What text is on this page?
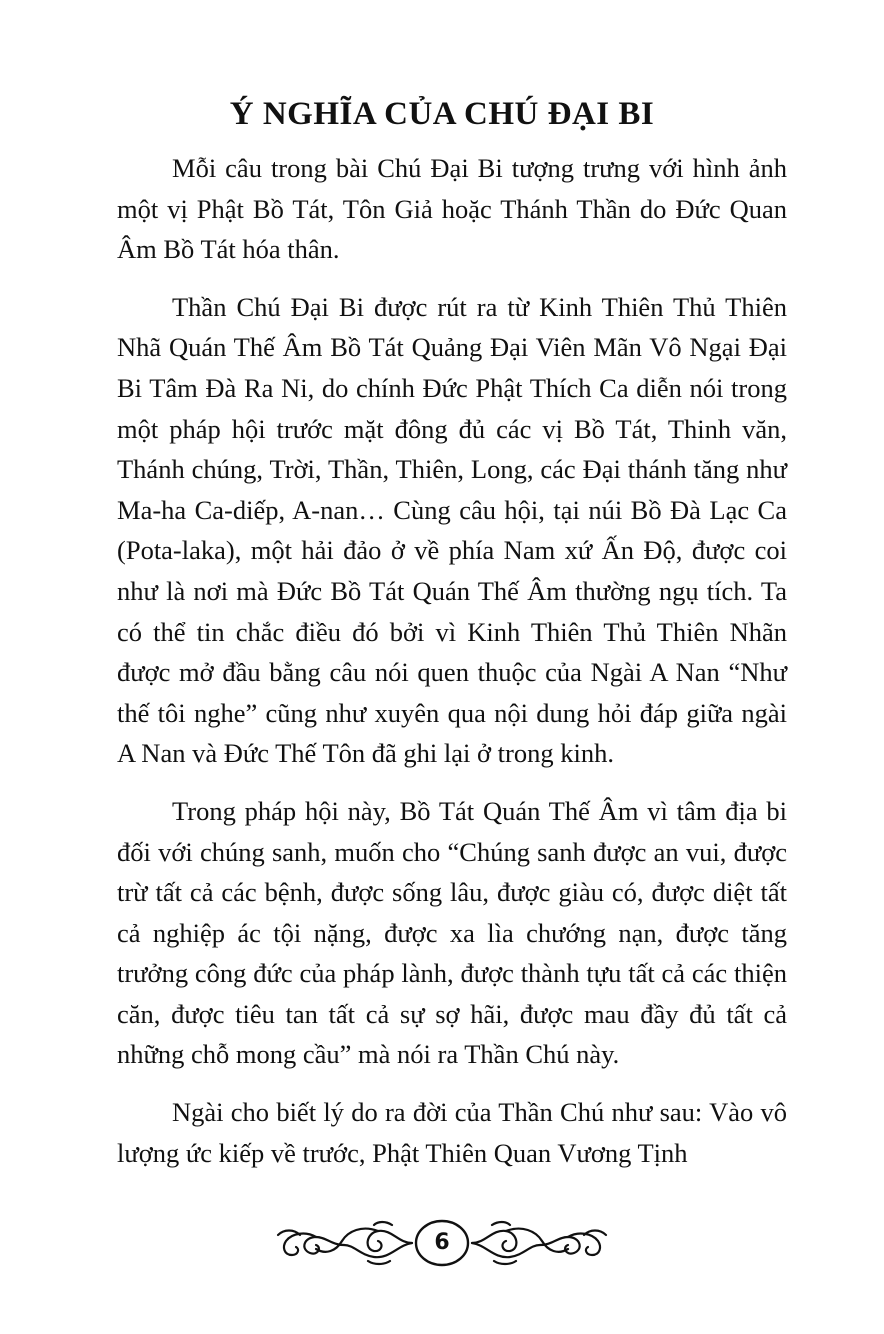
Ý NGHĨA CỦA CHÚ ĐẠI BI

Mỗi câu trong bài Chú Đại Bi tượng trưng với hình ảnh một vị Phật Bồ Tát, Tôn Giả hoặc Thánh Thần do Đức Quan Âm Bồ Tát hóa thân.

Thần Chú Đại Bi được rút ra từ Kinh Thiên Thủ Thiên Nhã Quán Thế Âm Bồ Tát Quảng Đại Viên Mãn Vô Ngại Đại Bi Tâm Đà Ra Ni, do chính Đức Phật Thích Ca diễn nói trong một pháp hội trước mặt đông đủ các vị Bồ Tát, Thinh văn, Thánh chúng, Trời, Thần, Thiên, Long, các Đại thánh tăng như Ma-ha Ca-diếp, A-nan… Cùng câu hội, tại núi Bồ Đà Lạc Ca (Pota-laka), một hải đảo ở về phía Nam xứ Ấn Độ, được coi như là nơi mà Đức Bồ Tát Quán Thế Âm thường ngụ tích. Ta có thể tin chắc điều đó bởi vì Kinh Thiên Thủ Thiên Nhãn được mở đầu bằng câu nói quen thuộc của Ngài A Nan “Như thế tôi nghe” cũng như xuyên qua nội dung hỏi đáp giữa ngài A Nan và Đức Thế Tôn đã ghi lại ở trong kinh.

Trong pháp hội này, Bồ Tát Quán Thế Âm vì tâm địa bi đối với chúng sanh, muốn cho “Chúng sanh được an vui, được trừ tất cả các bệnh, được sống lâu, được giàu có, được diệt tất cả nghiệp ác tội nặng, được xa lìa chướng nạn, được tăng trưởng công đức của pháp lành, được thành tựu tất cả các thiện căn, được tiêu tan tất cả sự sợ hãi, được mau đầy đủ tất cả những chỗ mong cầu” mà nói ra Thần Chú này.

Ngài cho biết lý do ra đời của Thần Chú như sau: Vào vô lượng ức kiếp về trước, Phật Thiên Quan Vương Tịnh

6
